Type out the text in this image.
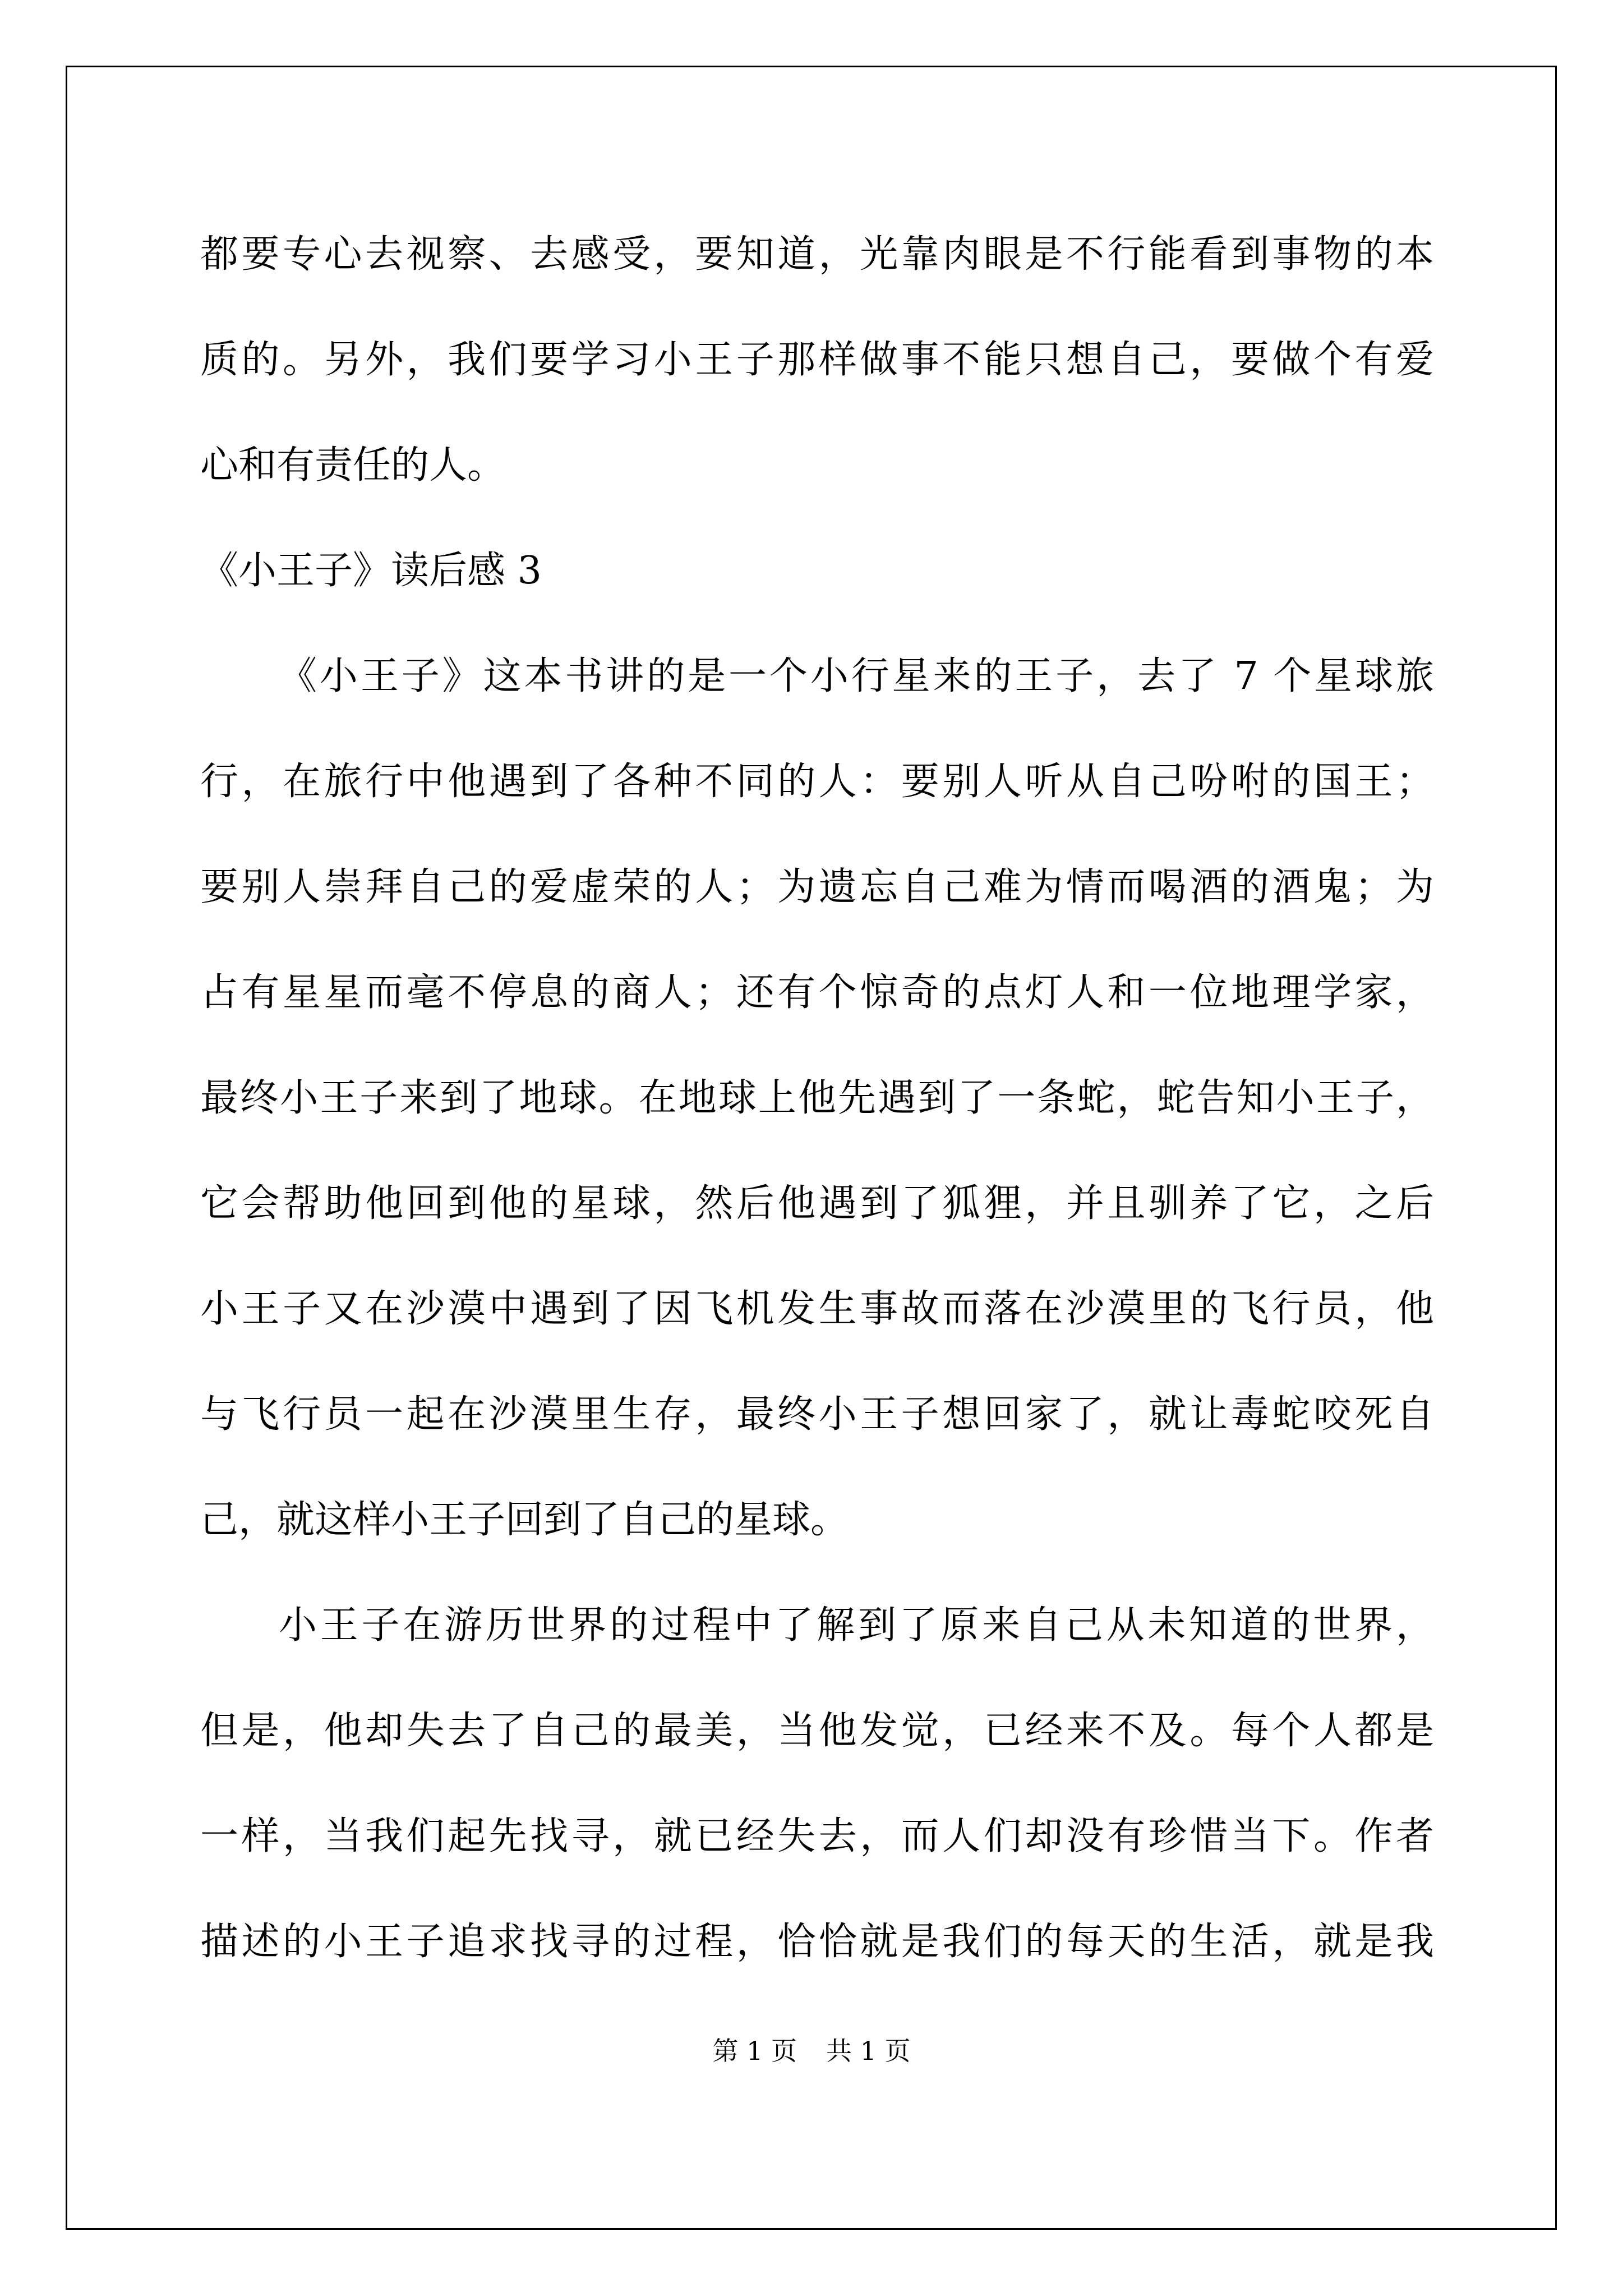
都要专心去视察、去感受，要知道，光靠肉眼是不行能看到事物的本
质的。另外，我们要学习小王子那样做事不能只想自己，要做个有爱
心和有责任的人。
《小王子》读后感 3
《小王子》这本书讲的是一个小行星来的王子，去了 7 个星球旅
行，在旅行中他遇到了各种不同的人：要别人听从自己吩咐的国王；
要别人崇拜自己的爱虚荣的人；为遗忘自己难为情而喝酒的酒鬼；为
占有星星而毫不停息的商人；还有个惊奇的点灯人和一位地理学家，
最终小王子来到了地球。在地球上他先遇到了一条蛇，蛇告知小王子，
它会帮助他回到他的星球，然后他遇到了狐狸，并且驯养了它，之后
小王子又在沙漠中遇到了因飞机发生事故而落在沙漠里的飞行员，他
与飞行员一起在沙漠里生存，最终小王子想回家了，就让毒蛇咬死自
己，就这样小王子回到了自己的星球。
小王子在游历世界的过程中了解到了原来自己从未知道的世界，
但是，他却失去了自己的最美，当他发觉，已经来不及。每个人都是
一样，当我们起先找寻，就已经失去，而人们却没有珍惜当下。作者
描述的小王子追求找寻的过程，恰恰就是我们的每天的生活，就是我
第 1 页 共 1 页
